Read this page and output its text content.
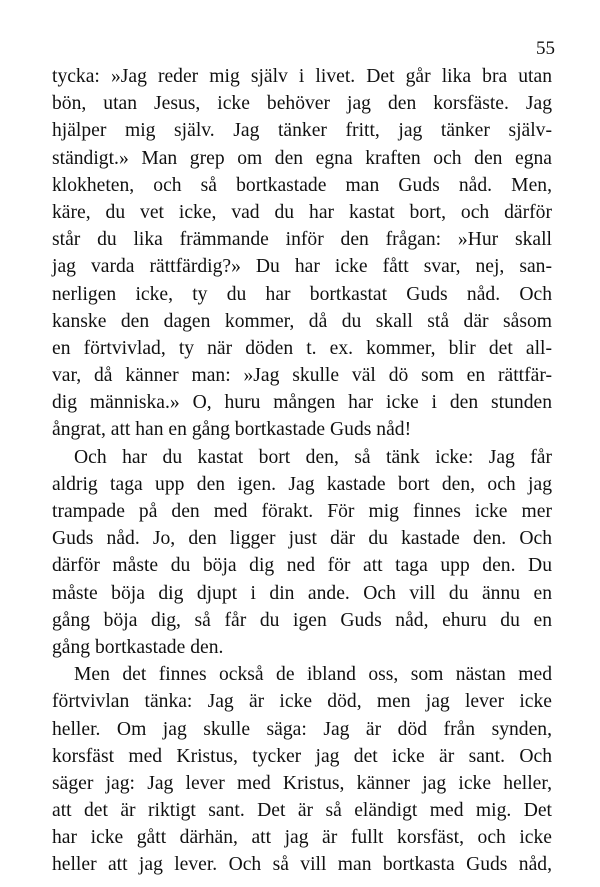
55
tycka: »Jag reder mig själv i livet. Det går lika bra utan
bön, utan Jesus, icke behöver jag den korsfäste. Jag
hjälper mig själv. Jag tänker fritt, jag tänker själv-
ständigt.» Man grep om den egna kraften och den egna
klokheten, och så bortkastade man Guds nåd. Men,
käre, du vet icke, vad du har kastat bort, och därför
står du lika främmande inför den frågan: »Hur skall
jag varda rättfärdig?» Du har icke fått svar, nej, san-
nerligen icke, ty du har bortkastat Guds nåd. Och
kanske den dagen kommer, då du skall stå där såsom
en förtvivlad, ty när döden t. ex. kommer, blir det all-
var, då känner man: »Jag skulle väl dö som en rättfär-
dig människa.» O, huru mången har icke i den stunden
ångrat, att han en gång bortkastade Guds nåd!
Och har du kastat bort den, så tänk icke: Jag får
aldrig taga upp den igen. Jag kastade bort den, och jag
trampade på den med förakt. För mig finnes icke mer
Guds nåd. Jo, den ligger just där du kastade den. Och
därför måste du böja dig ned för att taga upp den. Du
måste böja dig djupt i din ande. Och vill du ännu en
gång böja dig, så får du igen Guds nåd, ehuru du en
gång bortkastade den.
Men det finnes också de ibland oss, som nästan med
förtvivlan tänka: Jag är icke död, men jag lever icke
heller. Om jag skulle säga: Jag är död från synden,
korsfäst med Kristus, tycker jag det icke är sant. Och
säger jag: Jag lever med Kristus, känner jag icke heller,
att det är riktigt sant. Det är så eländigt med mig. Det
har icke gått därhän, att jag är fullt korsfäst, och icke
heller att jag lever. Och så vill man bortkasta Guds nåd,
